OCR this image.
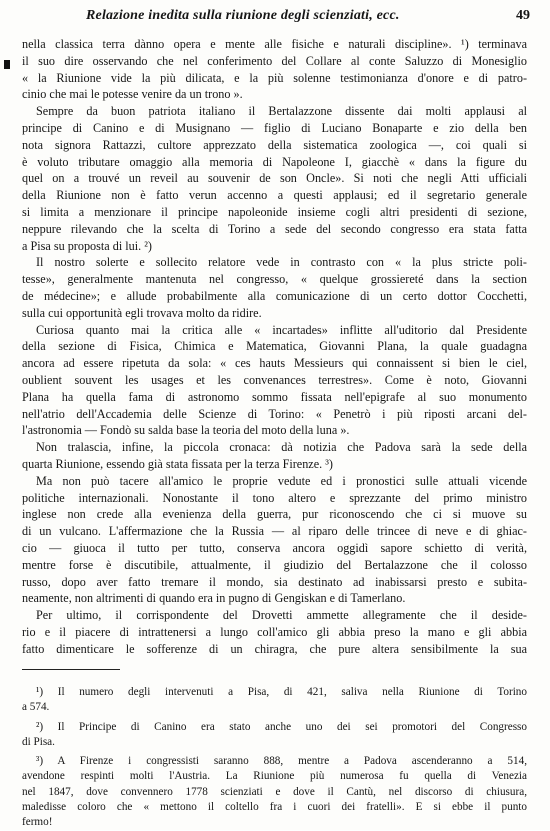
Relazione inedita sulla riunione degli scienziati, ecc.	49
nella classica terra dànno opera e mente alle fisiche e naturali discipline». ¹) terminava
il suo dire osservando che nel conferimento del Collare al conte Saluzzo di Monesiglio
« la Riunione vide la più dilicata, e la più solenne testimonianza d'onore e di patro-
cinio che mai le potesse venire da un trono ».
Sempre da buon patriota italiano il Bertalazzone dissente dai molti applausi al
principe di Canino e di Musignano — figlio di Luciano Bonaparte e zio della ben
nota signora Rattazzi, cultore apprezzato della sistematica zoologica —, coi quali si
è voluto tributare omaggio alla memoria di Napoleone I, giacchè « dans la figure du
quel on a trouvé un reveil au souvenir de son Oncle». Si noti che negli Atti ufficiali
della Riunione non è fatto verun accenno a questi applausi; ed il segretario generale
si limita a menzionare il principe napoleonide insieme cogli altri presidenti di sezione,
neppure rilevando che la scelta di Torino a sede del secondo congresso era stata fatta
a Pisa su proposta di lui. ²)
Il nostro solerte e sollecito relatore vede in contrasto con « la plus stricte poli-
tesse», generalmente mantenuta nel congresso, « quelque grossiereté dans la section
de médecine»; e allude probabilmente alla comunicazione di un certo dottor Cocchetti,
sulla cui opportunità egli trovava molto da ridire.
Curiosa quanto mai la critica alle « incartades» inflitte all'uditorio dal Presidente
della sezione di Fisica, Chimica e Matematica, Giovanni Plana, la quale guadagna
ancora ad essere ripetuta da sola: « ces hauts Messieurs qui connaissent si bien le ciel,
oublient souvent les usages et les convenances terrestres». Come è noto, Giovanni
Plana ha quella fama di astronomo sommo fissata nell'epigrafe al suo monumento
nell'atrio dell'Accademia delle Scienze di Torino: « Penetrò i più riposti arcani del-
l'astronomia — Fondò su salda base la teoria del moto della luna ».
Non tralascia, infine, la piccola cronaca: dà notizia che Padova sarà la sede della
quarta Riunione, essendo già stata fissata per la terza Firenze. ³)
Ma non può tacere all'amico le proprie vedute ed i pronostici sulle attuali vicende
politiche internazionali. Nonostante il tono altero e sprezzante del primo ministro
inglese non crede alla evenienza della guerra, pur riconoscendo che ci si muove su
di un vulcano. L'affermazione che la Russia — al riparo delle trincee di neve e di ghiac-
cio — giuoca il tutto per tutto, conserva ancora oggidì sapore schietto di verità,
mentre forse è discutibile, attualmente, il giudizio del Bertalazzone che il colosso
russo, dopo aver fatto tremare il mondo, sia destinato ad inabissarsi presto e subita-
neamente, non altrimenti di quando era in pugno di Gengiskan e di Tamerlano.
Per ultimo, il corrispondente del Drovetti ammette allegramente che il deside-
rio e il piacere di intrattenersi a lungo coll'amico gli abbia preso la mano e gli abbia
fatto dimenticare le sofferenze di un chiragra, che pure altera sensibilmente la sua
¹) Il numero degli intervenuti a Pisa, di 421, saliva nella Riunione di Torino
a 574.
²) Il Principe di Canino era stato anche uno dei sei promotori del Congresso
di Pisa.
³) A Firenze i congressisti saranno 888, mentre a Padova ascenderanno a 514,
avendone respinti molti l'Austria. La Riunione più numerosa fu quella di Venezia
nel 1847, dove convennero 1778 scienziati e dove il Cantù, nel discorso di chiusura,
maledisse coloro che « mettono il coltello fra i cuori dei fratelli». E si ebbe il punto
fermo!
